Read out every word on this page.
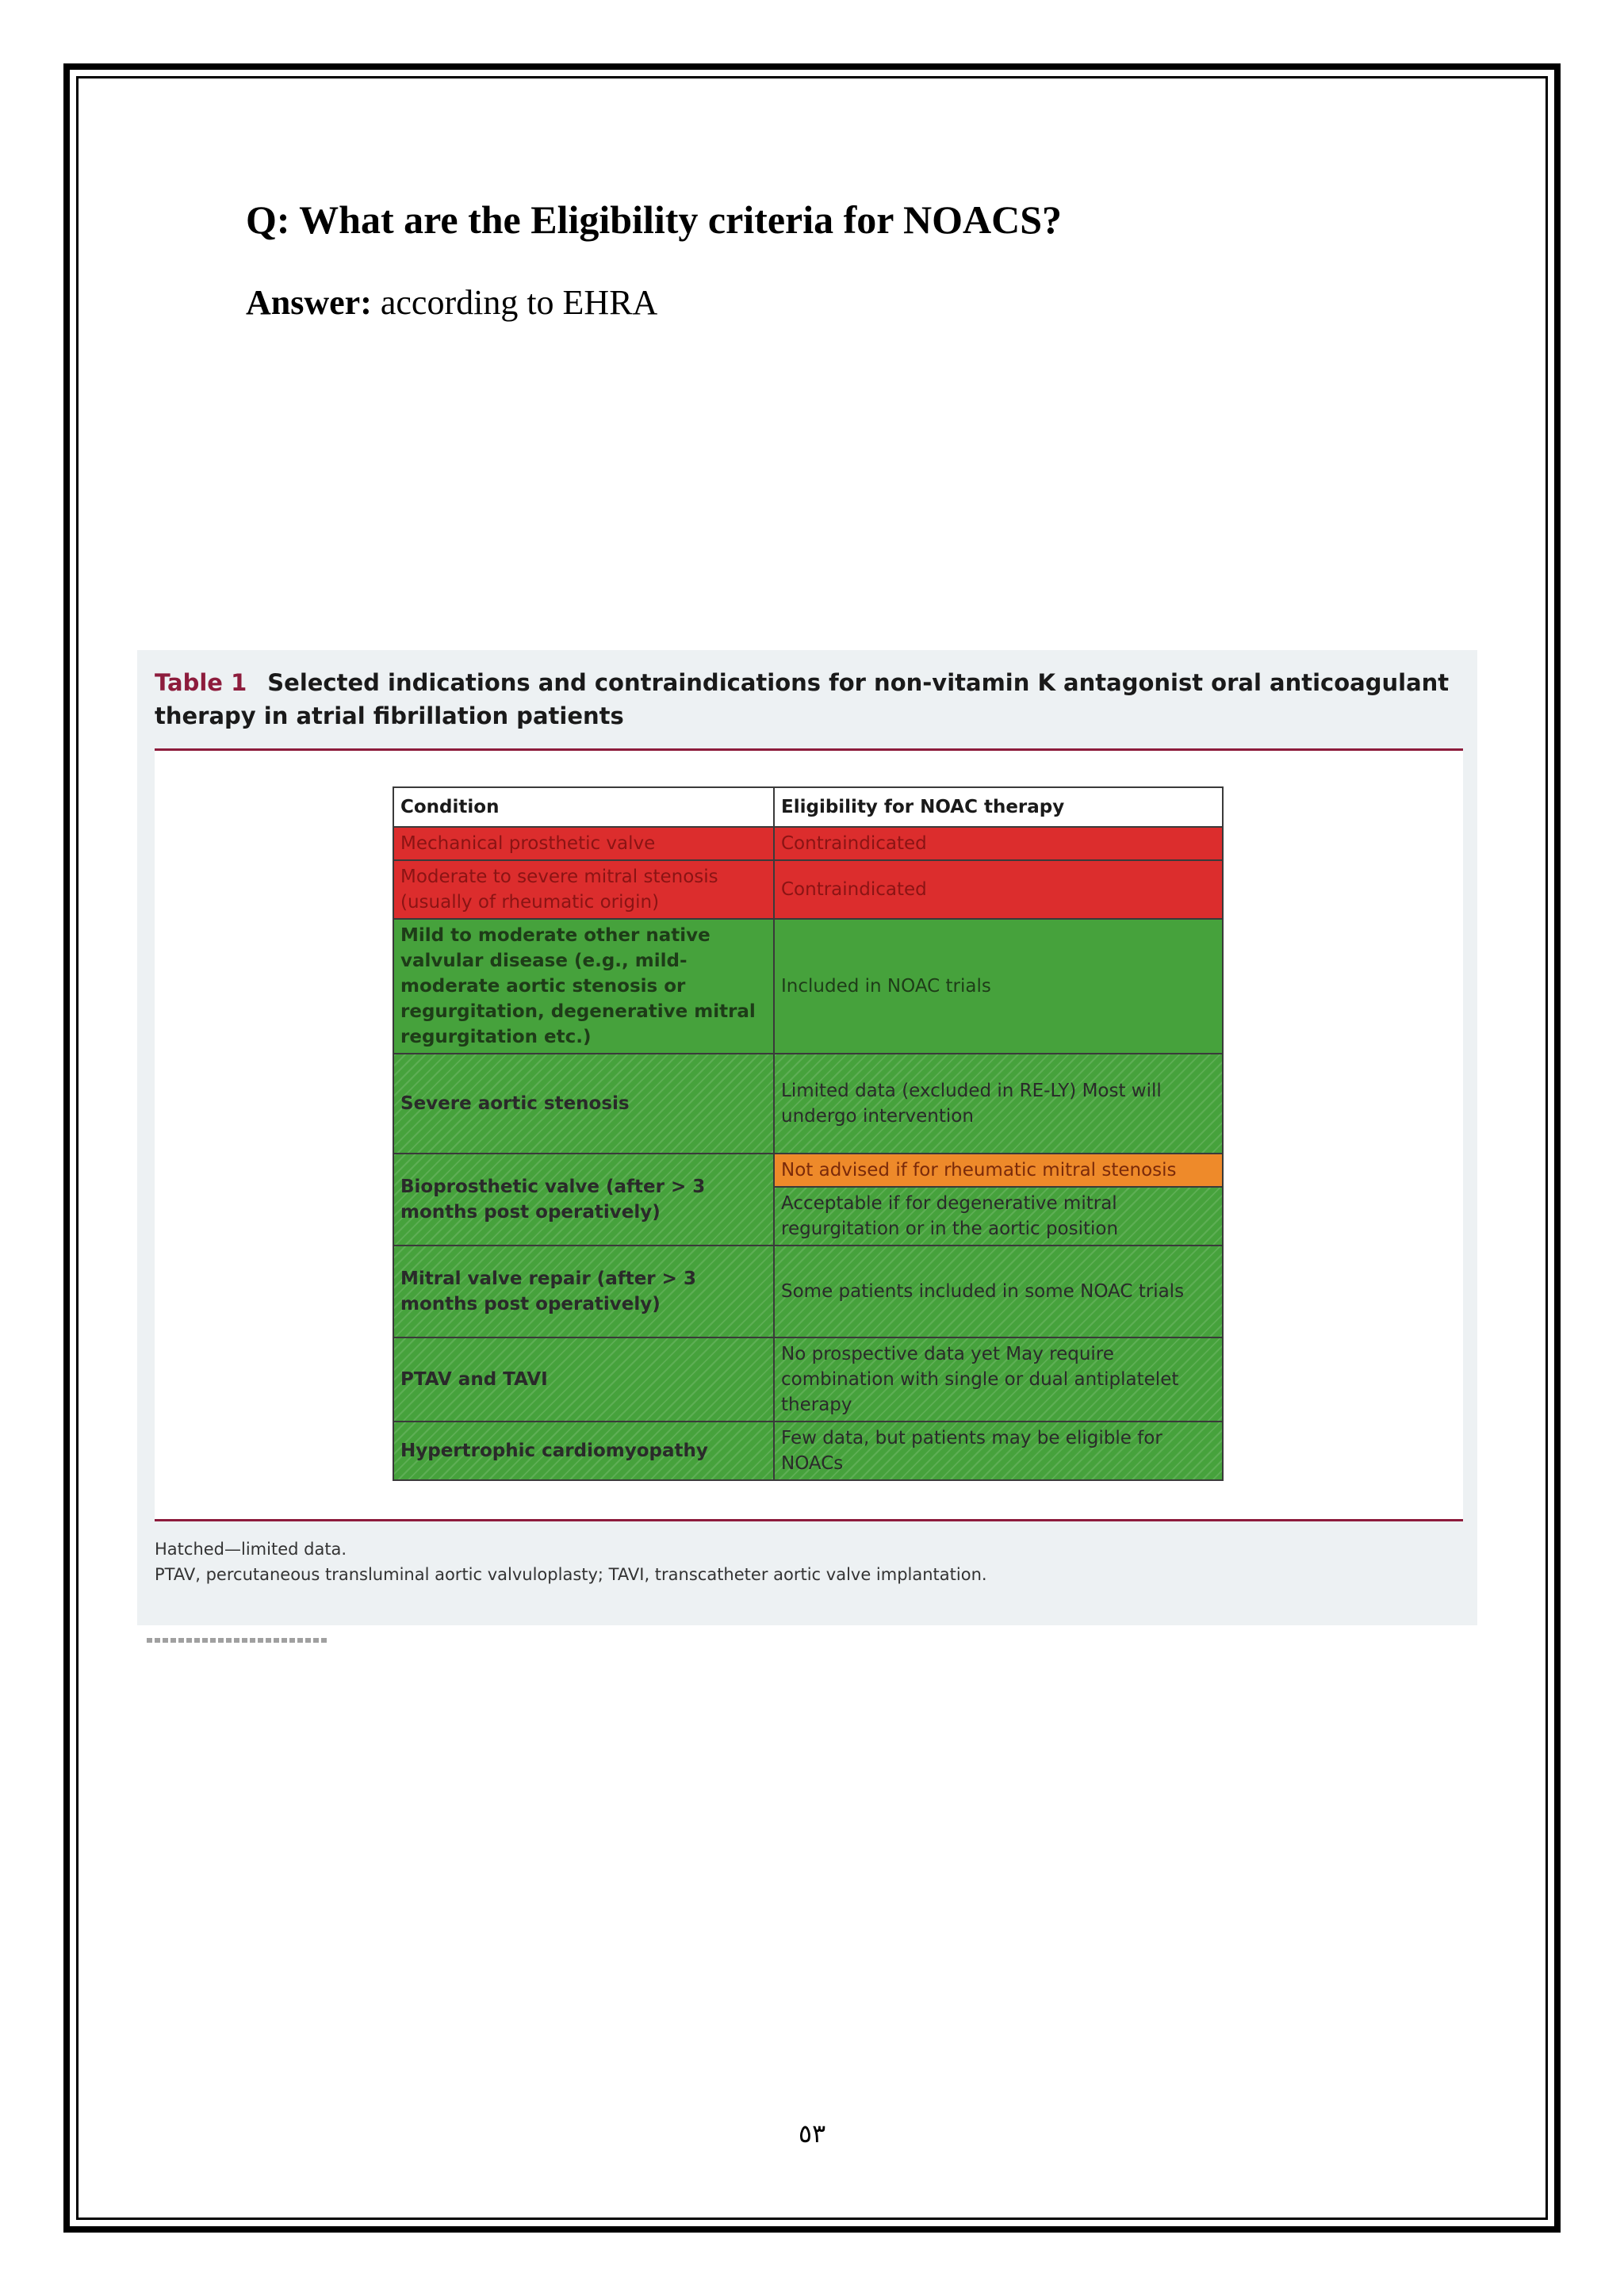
Q: What are the Eligibility criteria for NOACS?
Answer: according to EHRA
Table 1 Selected indications and contraindications for non-vitamin K antagonist oral anticoagulant therapy in atrial fibrillation patients
Condition	Eligibility for NOAC therapy
Mechanical prosthetic valve	Contraindicated
Moderate to severe mitral stenosis (usually of rheumatic origin)	Contraindicated
Mild to moderate other native valvular disease (e.g., mild-moderate aortic stenosis or regurgitation, degenerative mitral regurgitation etc.)	Included in NOAC trials
Severe aortic stenosis	Limited data (excluded in RE-LY) Most will undergo intervention
Bioprosthetic valve (after > 3 months post operatively)	Not advised if for rheumatic mitral stenosis
	Acceptable if for degenerative mitral regurgitation or in the aortic position
Mitral valve repair (after > 3 months post operatively)	Some patients included in some NOAC trials
PTAV and TAVI	No prospective data yet May require combination with single or dual antiplatelet therapy
Hypertrophic cardiomyopathy	Few data, but patients may be eligible for NOACs
Hatched—limited data.
PTAV, percutaneous transluminal aortic valvuloplasty; TAVI, transcatheter aortic valve implantation.
٥٣
